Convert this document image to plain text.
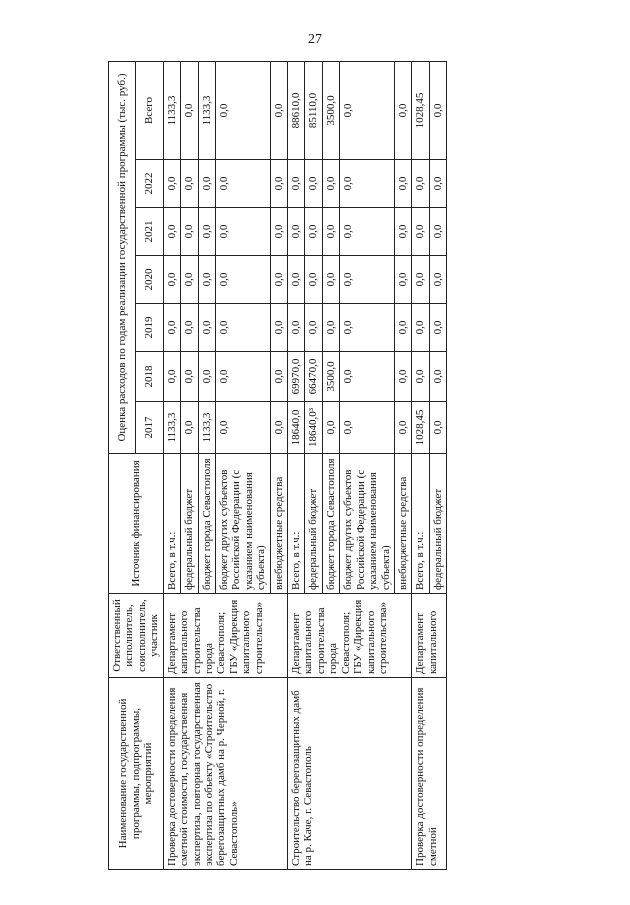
27
Наименование государственной программы, подпрограммы, мероприятий	Ответственный исполнитель, соисполнитель, участник	Источник финансирования	Оценка расходов по годам реализации государственной программы (тыс. руб.)						
			2017	2018	2019	2020	2021	2022	Всего
Проверка достоверности определения сметной стоимости, государственная экспертиза, повторная государственная экспертиза по объекту «Строительство берегозащитных дамб на р. Черной, г. Севастополь»	Департамент капитального строительства города Севастополя; ГБУ «Дирекция капитального строительства»	Всего, в т.ч.:	1133,3	0,0	0,0	0,0	0,0	0,0	1133,3
		федеральный бюджет	0,0	0,0	0,0	0,0	0,0	0,0	0,0
		бюджет города Севастополя	1133,3	0,0	0,0	0,0	0,0	0,0	1133,3
		бюджет других субъектов Российской Федерации (с указанием наименования субъекта)	0,0	0,0	0,0	0,0	0,0	0,0	0,0
		внебюджетные средства	0,0	0,0	0,0	0,0	0,0	0,0	0,0
Строительство берегозащитных дамб на р. Каче, г. Севастополь	Департамент капитального строительства города Севастополя; ГБУ «Дирекция капитального строительства»	Всего, в т.ч.:	18640,0	69970,0	0,0	0,0	0,0	0,0	88610,0
		федеральный бюджет	18640,0³	66470,0	0,0	0,0	0,0	0,0	85110,0
		бюджет города Севастополя	0,0	3500,0	0,0	0,0	0,0	0,0	3500,0
		бюджет других субъектов Российской Федерации (с указанием наименования субъекта)	0,0	0,0	0,0	0,0	0,0	0,0	0,0
		внебюджетные средства	0,0	0,0	0,0	0,0	0,0	0,0	0,0
Проверка достоверности определения сметной	Департамент капитального	Всего, в т.ч.:	1028,45	0,0	0,0	0,0	0,0	0,0	1028,45
		федеральный бюджет	0,0	0,0	0,0	0,0	0,0	0,0	0,0
